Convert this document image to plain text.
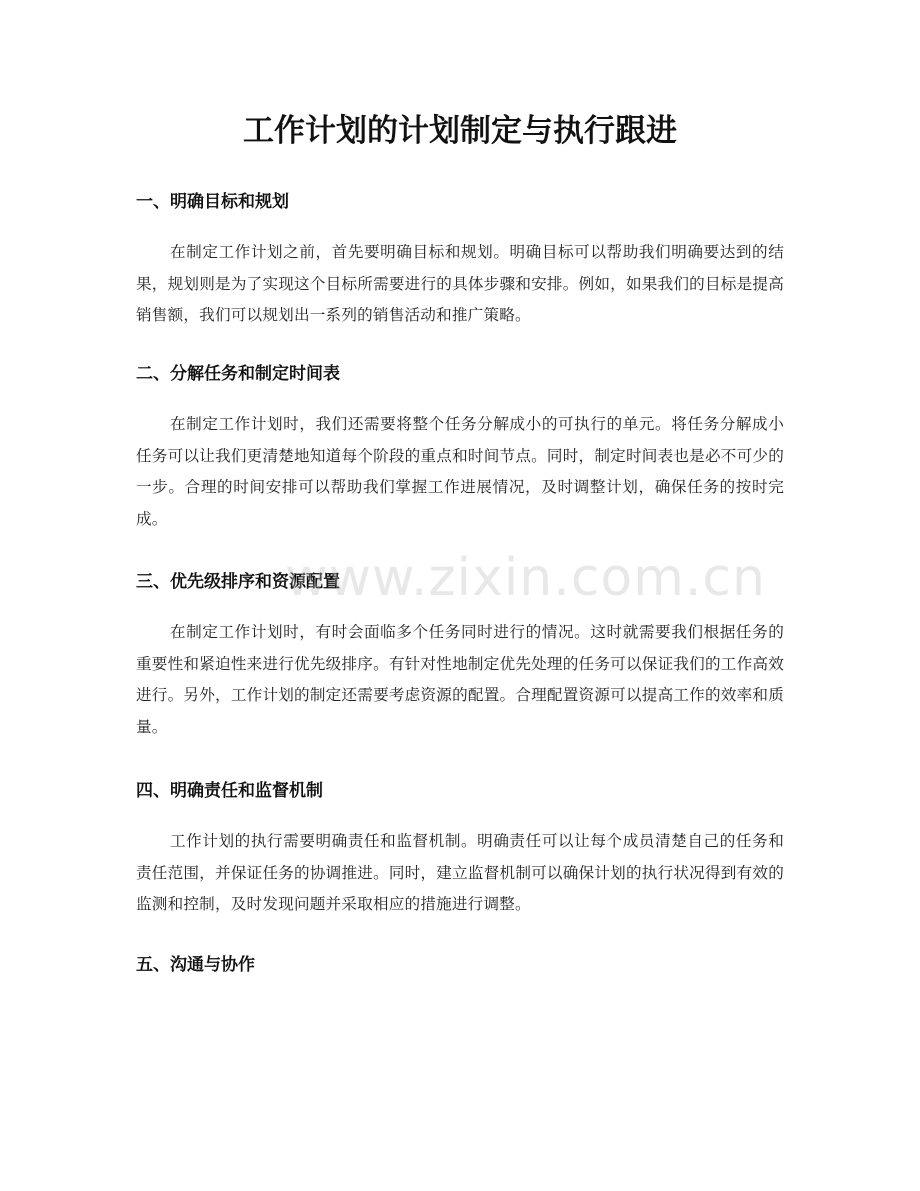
工作计划的计划制定与执行跟进
一、明确目标和规划

在制定工作计划之前，首先要明确目标和规划。明确目标可以帮助我们明确要达到的结果，规划则是为了实现这个目标所需要进行的具体步骤和安排。例如，如果我们的目标是提高销售额，我们可以规划出一系列的销售活动和推广策略。

二、分解任务和制定时间表

在制定工作计划时，我们还需要将整个任务分解成小的可执行的单元。将任务分解成小任务可以让我们更清楚地知道每个阶段的重点和时间节点。同时，制定时间表也是必不可少的一步。合理的时间安排可以帮助我们掌握工作进展情况，及时调整计划，确保任务的按时完成。

三、优先级排序和资源配置

在制定工作计划时，有时会面临多个任务同时进行的情况。这时就需要我们根据任务的重要性和紧迫性来进行优先级排序。有针对性地制定优先处理的任务可以保证我们的工作高效进行。另外，工作计划的制定还需要考虑资源的配置。合理配置资源可以提高工作的效率和质量。

四、明确责任和监督机制

工作计划的执行需要明确责任和监督机制。明确责任可以让每个成员清楚自己的任务和责任范围，并保证任务的协调推进。同时，建立监督机制可以确保计划的执行状况得到有效的监测和控制，及时发现问题并采取相应的措施进行调整。

五、沟通与协作
www.zixin.com.cn
